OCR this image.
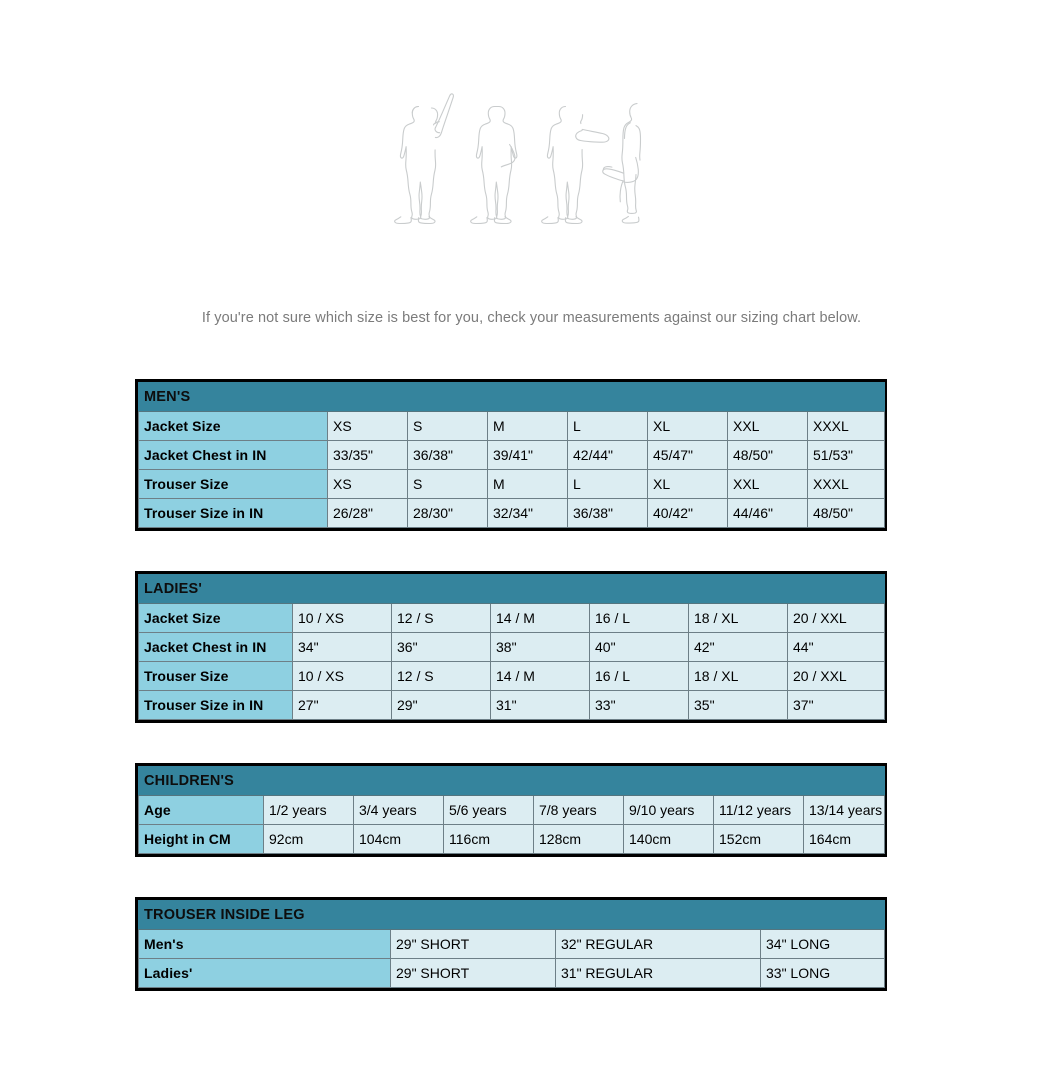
If you're not sure which size is best for you, check your measurements against our sizing chart below.
MEN'S							
Jacket Size	XS	S	M	L	XL	XXL	XXXL
Jacket Chest in IN	33/35"	36/38"	39/41"	42/44"	45/47"	48/50"	51/53"
Trouser Size	XS	S	M	L	XL	XXL	XXXL
Trouser Size in IN	26/28"	28/30"	32/34"	36/38"	40/42"	44/46"	48/50"
LADIES'						
Jacket Size	10 / XS	12 / S	14 / M	16 / L	18 / XL	20 / XXL
Jacket Chest in IN	34"	36"	38"	40"	42"	44"
Trouser Size	10 / XS	12 / S	14 / M	16 / L	18 / XL	20 / XXL
Trouser Size in IN	27"	29"	31"	33"	35"	37"
CHILDREN'S							
Age	1/2 years	3/4 years	5/6 years	7/8 years	9/10 years	11/12 years	13/14 years
Height in CM	92cm	104cm	116cm	128cm	140cm	152cm	164cm
TROUSER INSIDE LEG			
Men's	29" SHORT	32" REGULAR	34" LONG
Ladies'	29" SHORT	31" REGULAR	33" LONG
